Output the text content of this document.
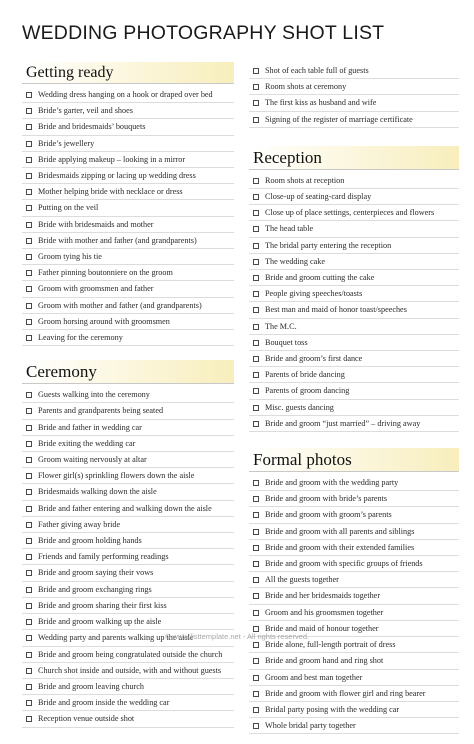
WEDDING PHOTOGRAPHY SHOT LIST
Getting ready
Wedding dress hanging on a hook or draped over bed
Bride’s garter, veil and shoes
Bride and bridesmaids’ bouquets
Bride’s jewellery
Bride applying makeup – looking in a mirror
Bridesmaids zipping or lacing up wedding dress
Mother helping bride with necklace or dress
Putting on the veil
Bride with bridesmaids and mother
Bride with mother and father (and grandparents)
Groom tying his tie
Father pinning boutonniere on the groom
Groom with groomsmen and father
Groom with mother and father (and grandparents)
Groom horsing around with groomsmen
Leaving for the ceremony
Ceremony
Guests walking into the ceremony
Parents and grandparents being seated
Bride and father in wedding car
Bride exiting the wedding car
Groom waiting nervously at altar
Flower girl(s) sprinkling flowers down the aisle
Bridesmaids walking down the aisle
Bride and father entering and walking down the aisle
Father giving away bride
Bride and groom holding hands
Friends and family performing readings
Bride and groom saying their vows
Bride and groom exchanging rings
Bride and groom sharing their first kiss
Bride and groom walking up the aisle
Wedding party and parents walking up the aisle
Bride and groom being congratulated outside the church
Church shot inside and outside, with and without guests
Bride and groom leaving church
Bride and groom inside the wedding car
Reception venue outside shot
Shot of each table full of guests
Room shots at ceremony
The first kiss as husband and wife
Signing of the register of marriage certificate
Reception
Room shots at reception
Close-up of seating-card display
Close up of place settings, centerpieces and flowers
The head table
The bridal party entering the reception
The wedding cake
Bride and groom cutting the cake
People giving speeches/toasts
Best man and maid of honor toast/speeches
The M.C.
Bouquet toss
Bride and groom’s first dance
Parents of bride dancing
Parents of groom dancing
Misc. guests dancing
Bride and groom “just married” – driving away
Formal photos
Bride and groom with the wedding party
Bride and groom with bride’s parents
Bride and groom with groom’s parents
Bride and groom with all parents and siblings
Bride and groom with their extended families
Bride and groom with specific groups of friends
All the guests together
Bride and her bridesmaids together
Groom and his groomsmen together
Bride and maid of honour together
Bride alone, full-length portrait of dress
Bride and groom hand and ring shot
Groom and best man together
Bride and groom with flower girl and ring bearer
Bridal party posing with the wedding car
Whole bridal party together
© www.listtemplate.net - All rights reserved.
